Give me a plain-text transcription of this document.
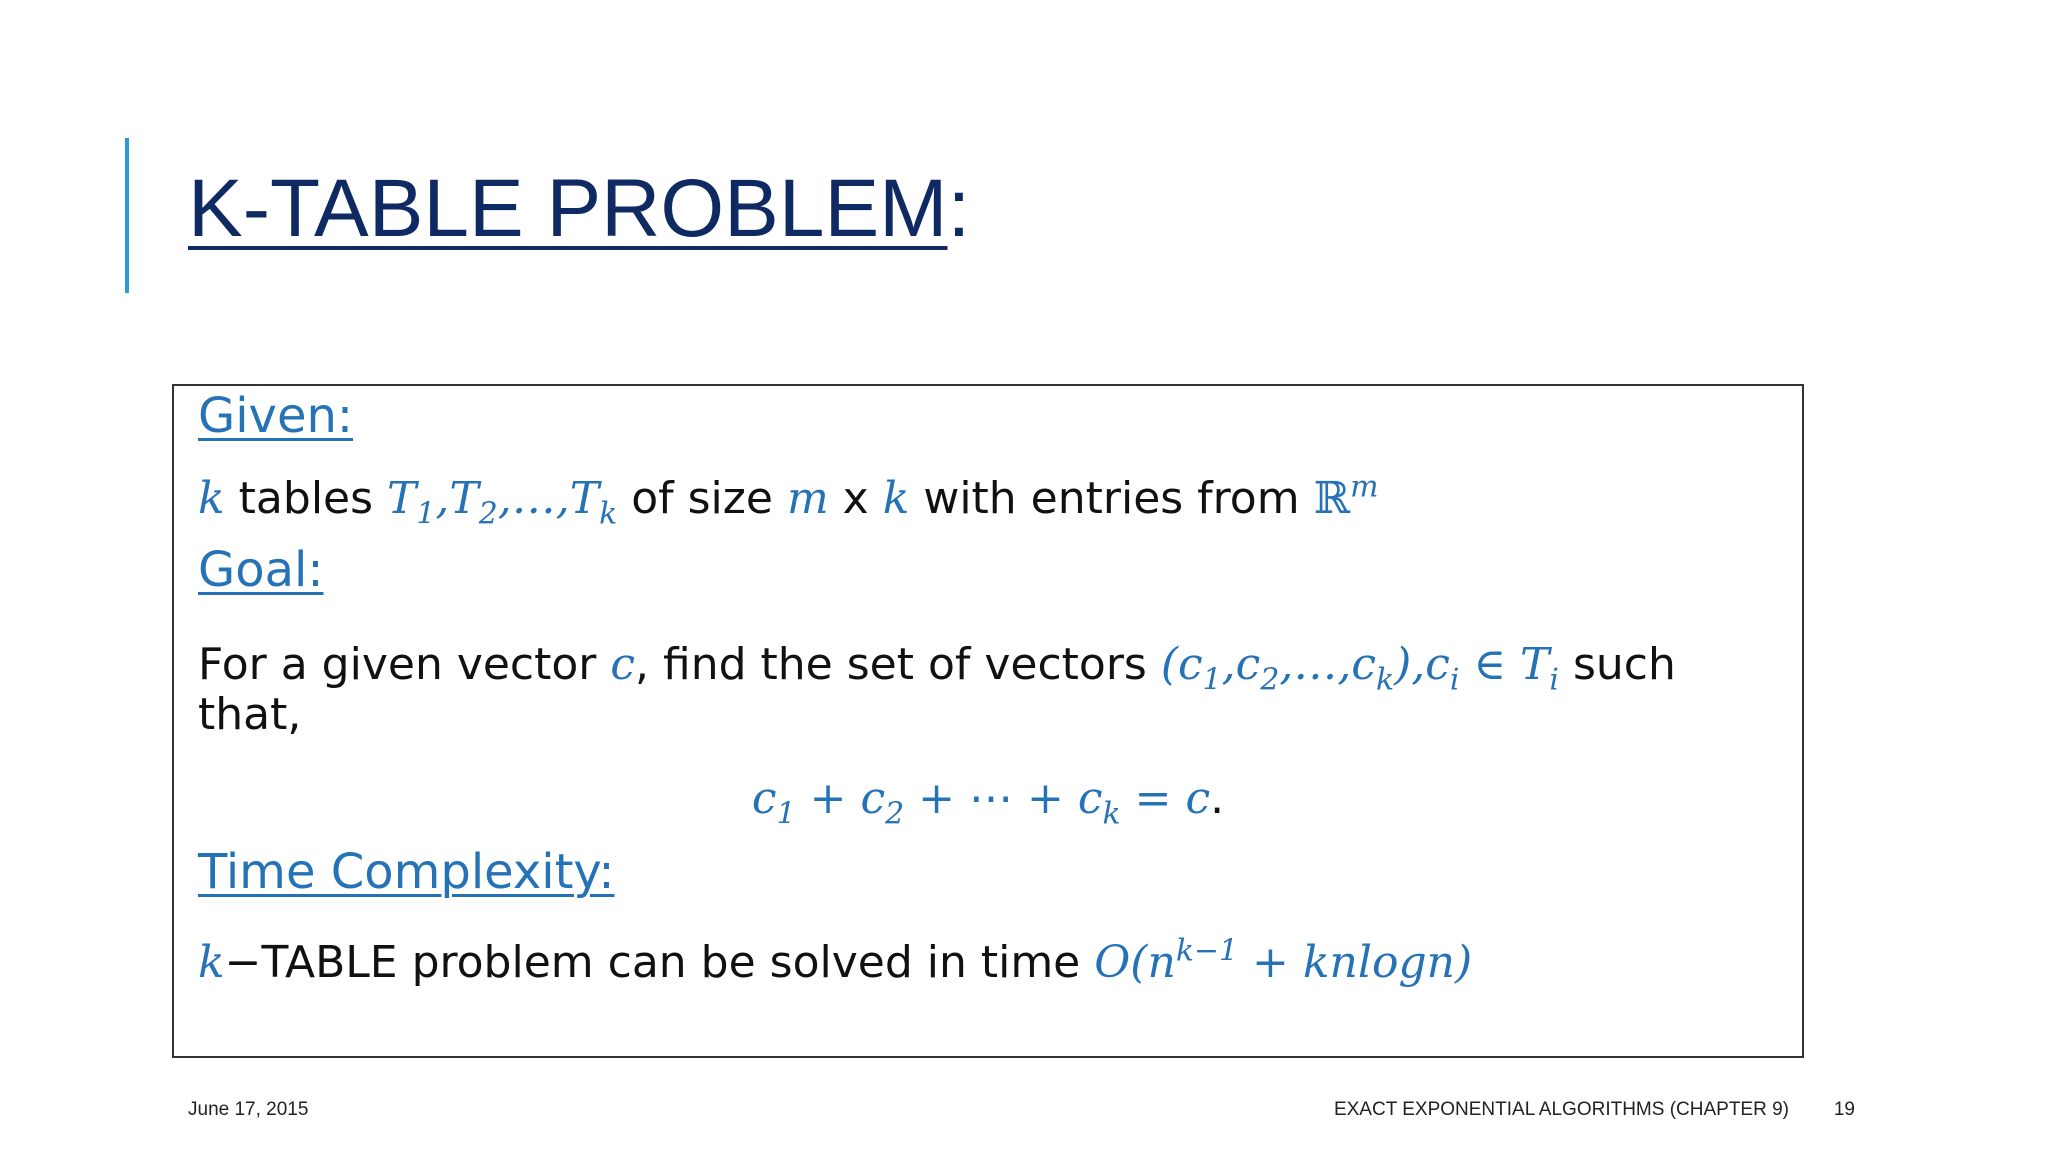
K-TABLE PROBLEM:
Given:
k tables $T_1,T_2,\dots,T_k$ of size m x k with entries from ℝ$^m$
Goal:
For a given vector c, find the set of vectors $(c_1,c_2,\dots,c_k),c_i$ ∈ $T_i$ such
that,
$c_1 + c_2$ + ⋯ + $c_k = c$.
Time Complexity:
k−TABLE problem can be solved in time $O(n^{k-1} + knlogn)$
June 17, 2015	EXACT EXPONENTIAL ALGORITHMS (CHAPTER 9) 19
